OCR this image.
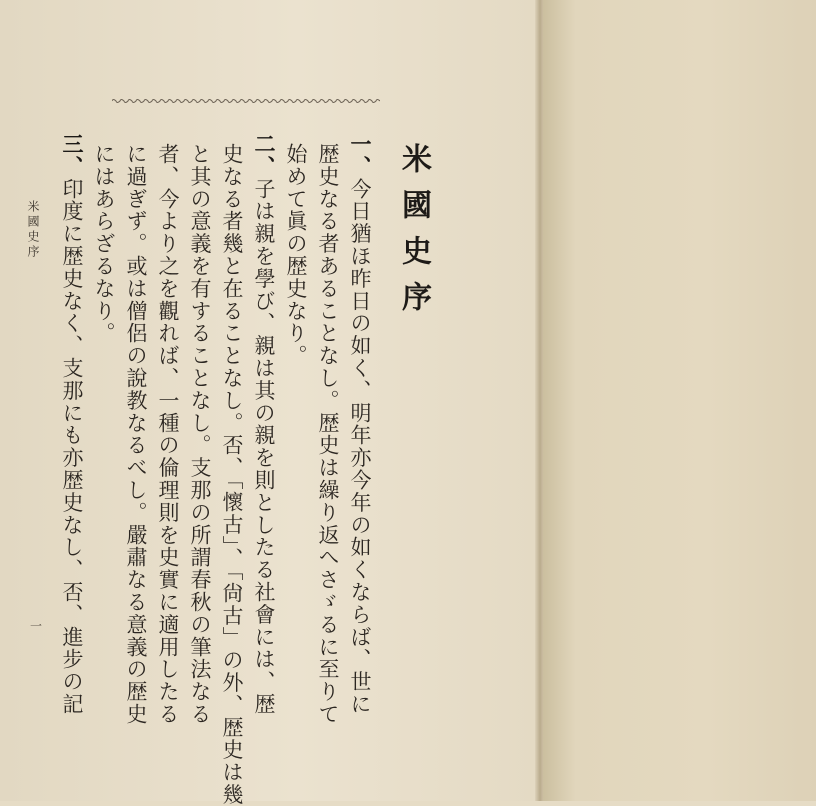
米國史序
一、今日猶ほ昨日の如く、明年亦今年の如くならば、世に
歴史なる者あることなし。歴史は繰り返へさゞるに至りて
始めて眞の歴史なり。
二、子は親を學び、親は其の親を則としたる社會には、歴
史なる者幾と在ることなし。否、「懷古」、「尙古」の外、歴史は幾
と其の意義を有することなし。支那の所謂春秋の筆法なる
者、今より之を觀れば、一種の倫理則を史實に適用したる
に過ぎず。或は僧侶の說教なるべし。嚴肅なる意義の歴史
にはあらざるなり。
三、印度に歴史なく、支那にも亦歴史なし、否、進步の記
米國史序
一
